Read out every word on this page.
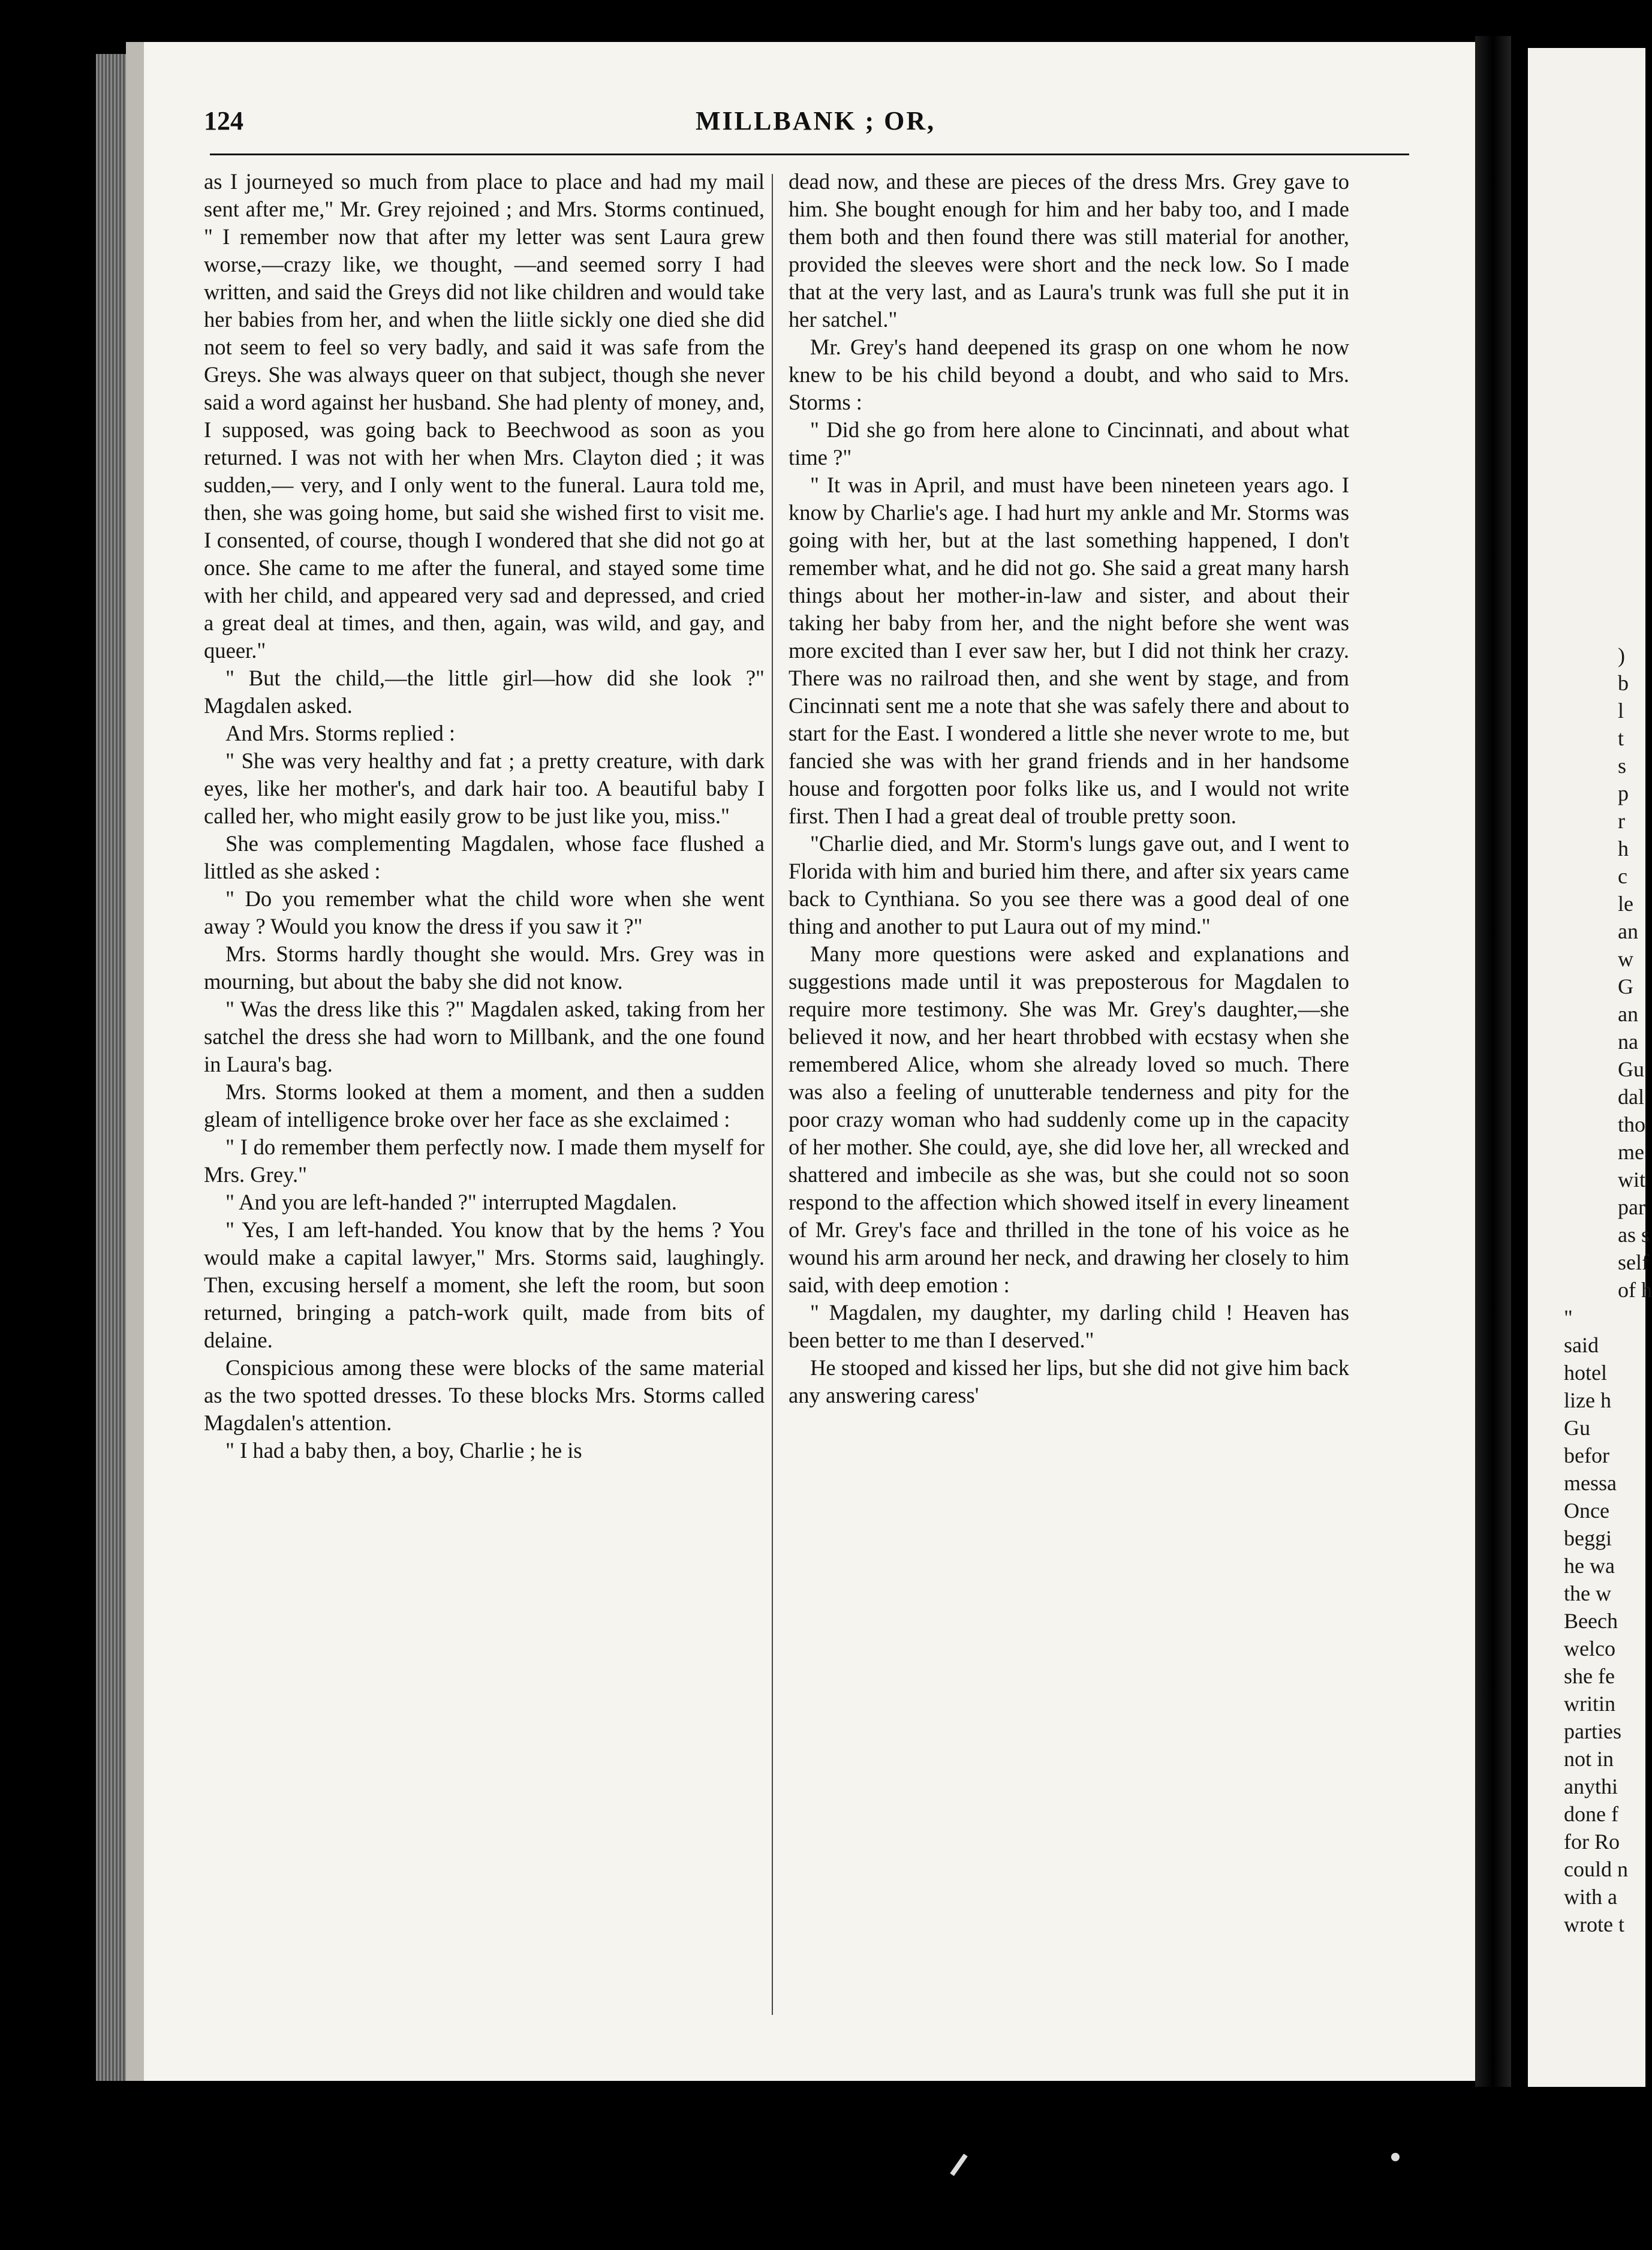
124	MILLBANK ; OR,

as I journeyed so much from place to place and had my mail sent after me," Mr. Grey rejoined ; and Mrs. Storms continued, " I remember now that after my letter was sent Laura grew worse,—crazy like, we thought, —and seemed sorry I had written, and said the Greys did not like children and would take her babies from her, and when the liitle sickly one died she did not seem to feel so very badly, and said it was safe from the Greys. She was always queer on that subject, though she never said a word against her husband. She had plenty of money, and, I supposed, was going back to Beechwood as soon as you returned. I was not with her when Mrs. Clayton died ; it was sudden,— very, and I only went to the funeral. Laura told me, then, she was going home, but said she wished first to visit me. I consented, of course, though I wondered that she did not go at once. She came to me after the funeral, and stayed some time with her child, and appeared very sad and depressed, and cried a great deal at times, and then, again, was wild, and gay, and queer."

" But the child,—the little girl—how did she look ?" Magdalen asked.

And Mrs. Storms replied :

" She was very healthy and fat ; a pretty creature, with dark eyes, like her mother's, and dark hair too. A beautiful baby I called her, who might easily grow to be just like you, miss."

She was complementing Magdalen, whose face flushed a littled as she asked :

" Do you remember what the child wore when she went away ? Would you know the dress if you saw it ?"

Mrs. Storms hardly thought she would. Mrs. Grey was in mourning, but about the baby she did not know.

" Was the dress like this ?" Magdalen asked, taking from her satchel the dress she had worn to Millbank, and the one found in Laura's bag.

Mrs. Storms looked at them a moment, and then a sudden gleam of intelligence broke over her face as she exclaimed :

" I do remember them perfectly now. I made them myself for Mrs. Grey."

" And you are left-handed ?" interrupted Magdalen.

" Yes, I am left-handed. You know that by the hems ? You would make a capital lawyer," Mrs. Storms said, laughingly. Then, excusing herself a moment, she left the room, but soon returned, bringing a patch-work quilt, made from bits of delaine.

Conspicious among these were blocks of the same material as the two spotted dresses. To these blocks Mrs. Storms called Magdalen's attention.

" I had a baby then, a boy, Charlie ; he is

dead now, and these are pieces of the dress Mrs. Grey gave to him. She bought enough for him and her baby too, and I made them both and then found there was still material for another, provided the sleeves were short and the neck low. So I made that at the very last, and as Laura's trunk was full she put it in her satchel."

Mr. Grey's hand deepened its grasp on one whom he now knew to be his child beyond a doubt, and who said to Mrs. Storms :

" Did she go from here alone to Cincinnati, and about what time ?"

" It was in April, and must have been nineteen years ago. I know by Charlie's age. I had hurt my ankle and Mr. Storms was going with her, but at the last something happened, I don't remember what, and he did not go. She said a great many harsh things about her mother-in-law and sister, and about their taking her baby from her, and the night before she went was more excited than I ever saw her, but I did not think her crazy. There was no railroad then, and she went by stage, and from Cincinnati sent me a note that she was safely there and about to start for the East. I wondered a little she never wrote to me, but fancied she was with her grand friends and in her handsome house and forgotten poor folks like us, and I would not write first. Then I had a great deal of trouble pretty soon.

"Charlie died, and Mr. Storm's lungs gave out, and I went to Florida with him and buried him there, and after six years came back to Cynthiana. So you see there was a good deal of one thing and another to put Laura out of my mind."

Many more questions were asked and explanations and suggestions made until it was preposterous for Magdalen to require more testimony. She was Mr. Grey's daughter,—she believed it now, and her heart throbbed with ecstasy when she remembered Alice, whom she already loved so much. There was also a feeling of unutterable tenderness and pity for the poor crazy woman who had suddenly come up in the capacity of her mother. She could, aye, she did love her, all wrecked and shattered and imbecile as she was, but she could not so soon respond to the affection which showed itself in every lineament of Mr. Grey's face and thrilled in the tone of his voice as he wound his arm around her neck, and drawing her closely to him said, with deep emotion :

" Magdalen, my daughter, my darling child ! Heaven has been better to me than I deserved."

He stooped and kissed her lips, but she did not give him back any answering caress'

)
b
l
t
s
p
r
h
c
le
an
w
G
an
na
Gu
dal
tho
me
wit
par
as s
self
of h
"
said
hotel
lize h
Gu
befor
messa
Once
beggi
he wa
the w
Beech
welco
she fe
writin
parties
not in
anythi
done f
for Ro
could n
with a
wrote t
